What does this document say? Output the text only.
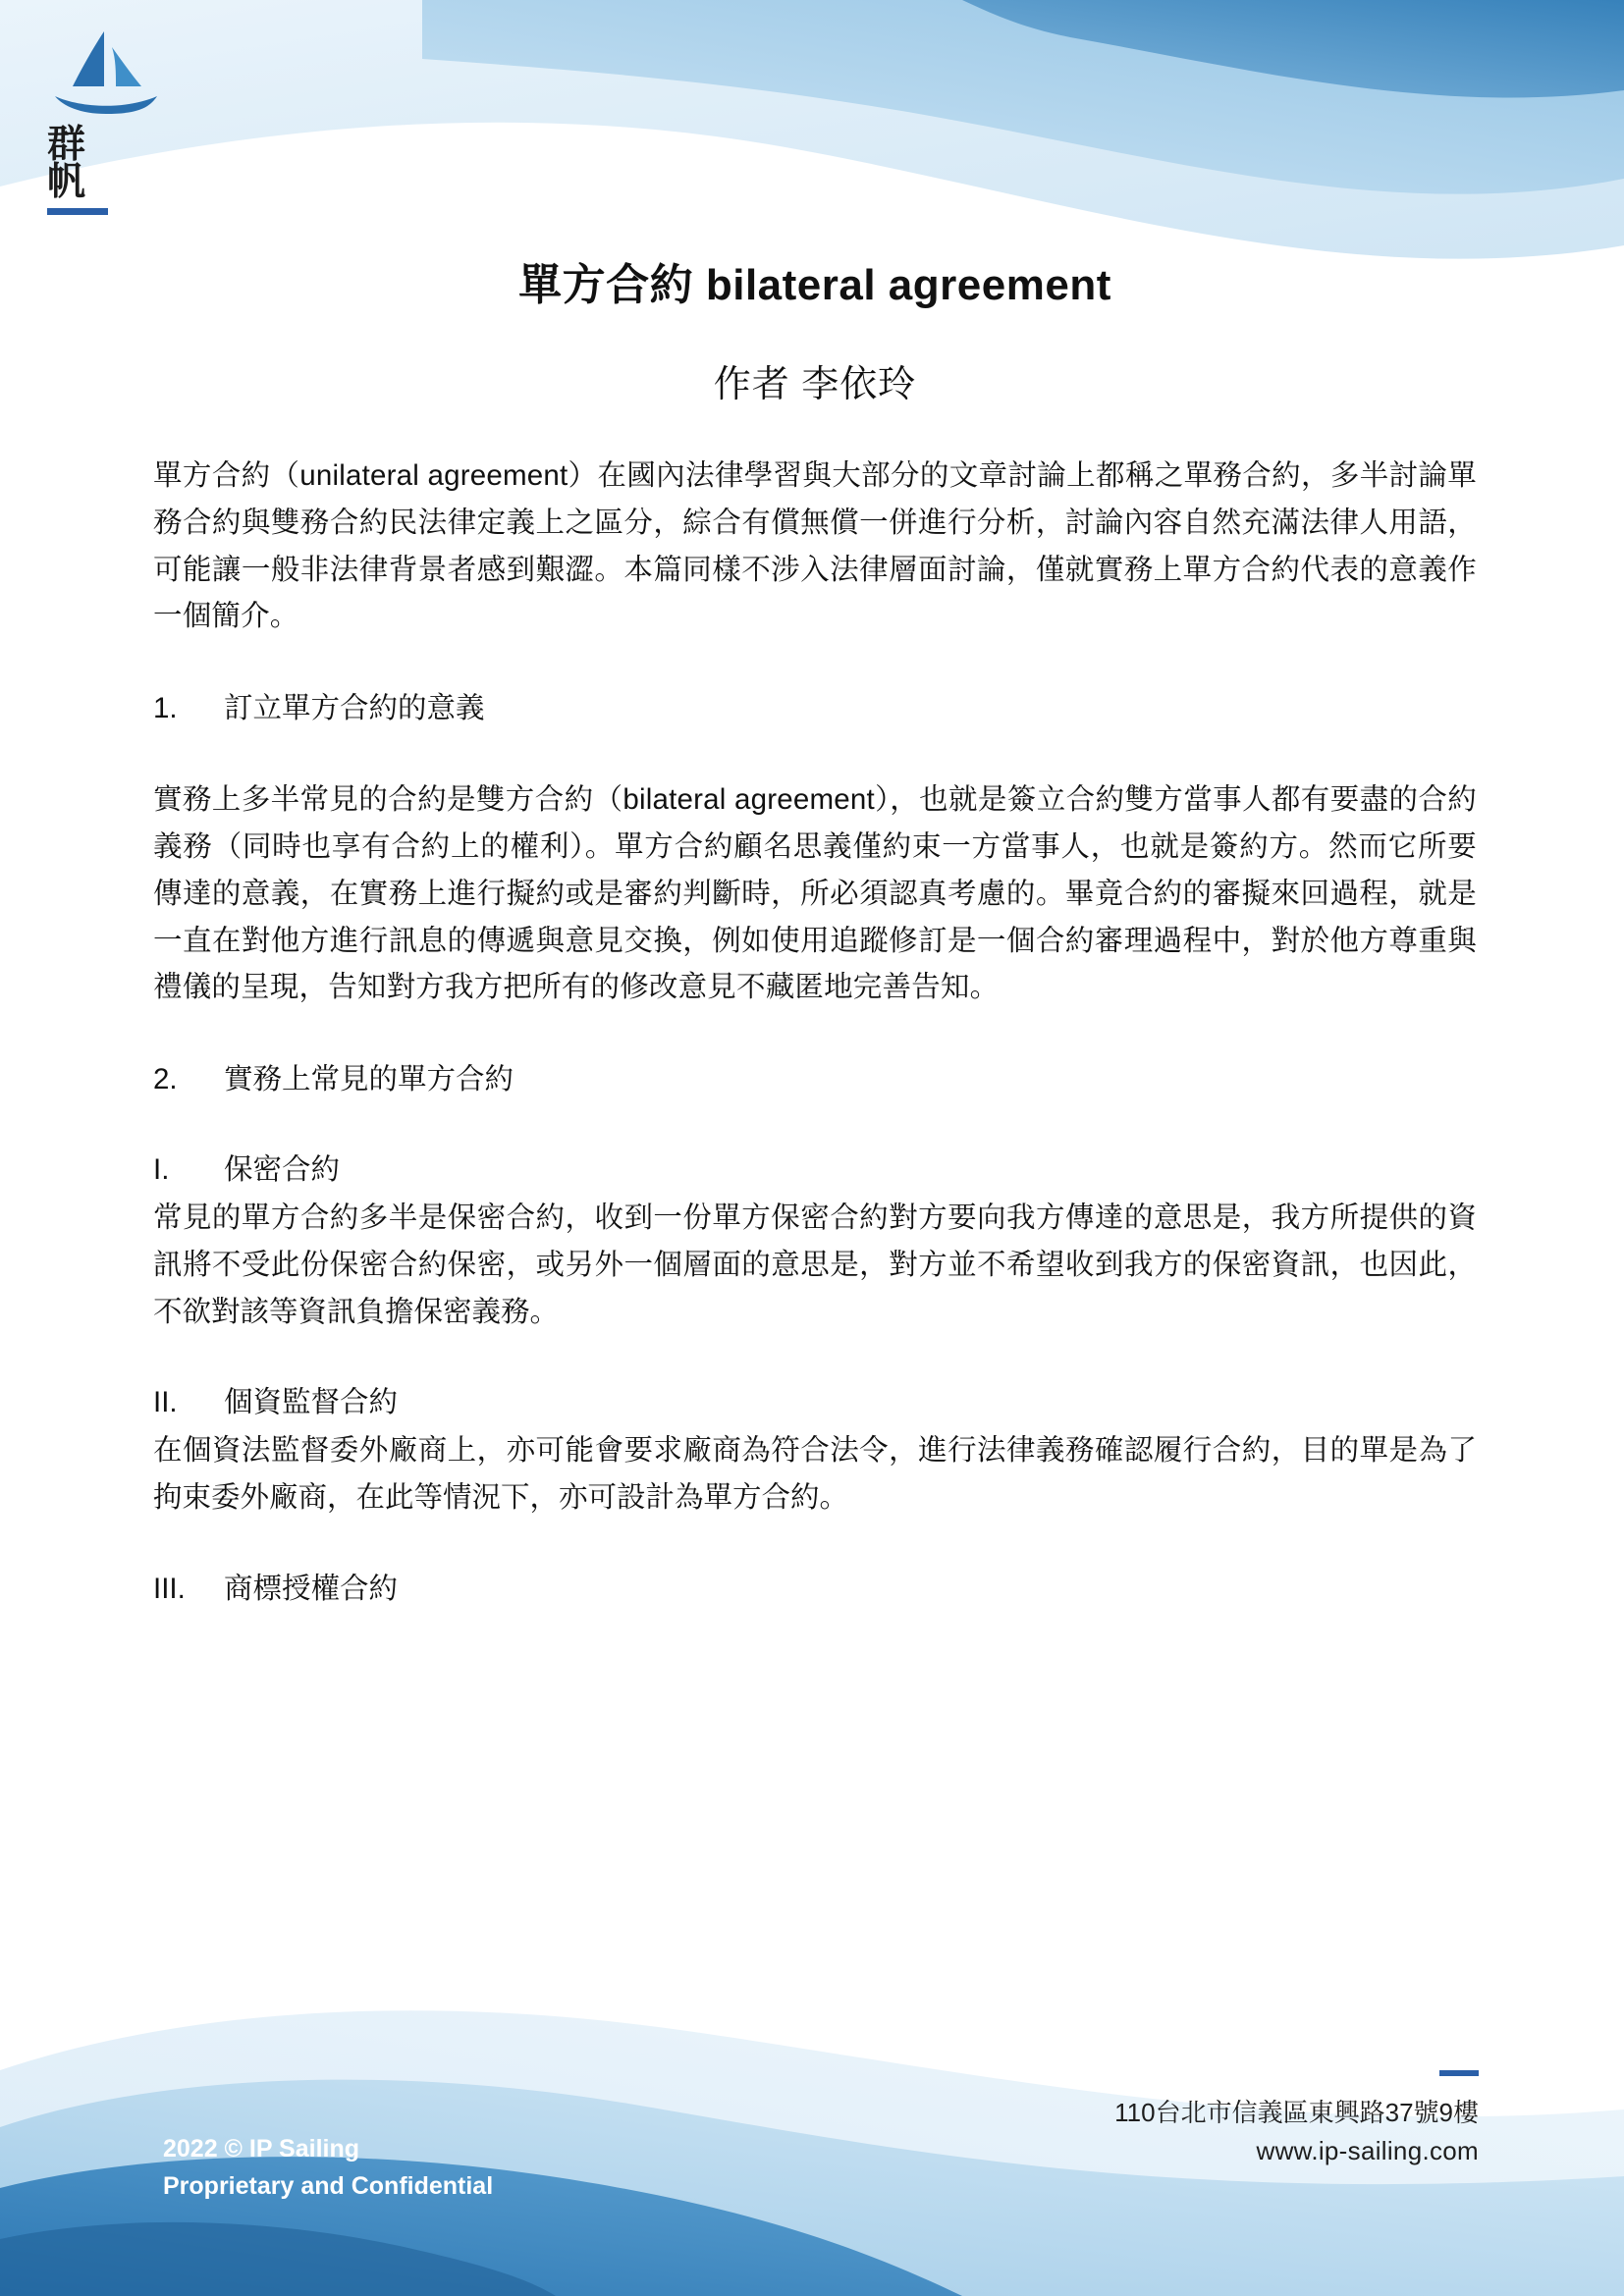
群
帆
單方合約 bilateral agreement
作者 李依玲

單方合約（unilateral agreement）在國內法律學習與大部分的文章討論上都稱之單務合約，多半討論單務合約與雙務合約民法律定義上之區分，綜合有償無償一併進行分析，討論內容自然充滿法律人用語，可能讓一般非法律背景者感到艱澀。本篇同樣不涉入法律層面討論，僅就實務上單方合約代表的意義作一個簡介。

1.	訂立單方合約的意義

實務上多半常見的合約是雙方合約（bilateral agreement），也就是簽立合約雙方當事人都有要盡的合約義務（同時也享有合約上的權利）。單方合約顧名思義僅約束一方當事人，也就是簽約方。然而它所要傳達的意義，在實務上進行擬約或是審約判斷時，所必須認真考慮的。畢竟合約的審擬來回過程，就是一直在對他方進行訊息的傳遞與意見交換，例如使用追蹤修訂是一個合約審理過程中，對於他方尊重與禮儀的呈現，告知對方我方把所有的修改意見不藏匿地完善告知。

2.	實務上常見的單方合約
I.	保密合約

常見的單方合約多半是保密合約，收到一份單方保密合約對方要向我方傳達的意思是，我方所提供的資訊將不受此份保密合約保密，或另外一個層面的意思是，對方並不希望收到我方的保密資訊，也因此，不欲對該等資訊負擔保密義務。

II.	個資監督合約

在個資法監督委外廠商上，亦可能會要求廠商為符合法令，進行法律義務確認履行合約，目的單是為了拘束委外廠商，在此等情況下，亦可設計為單方合約。

III.	商標授權合約
110台北市信義區東興路37號9樓
www.ip-sailing.com
2022 © IP Sailing
Proprietary and Confidential
